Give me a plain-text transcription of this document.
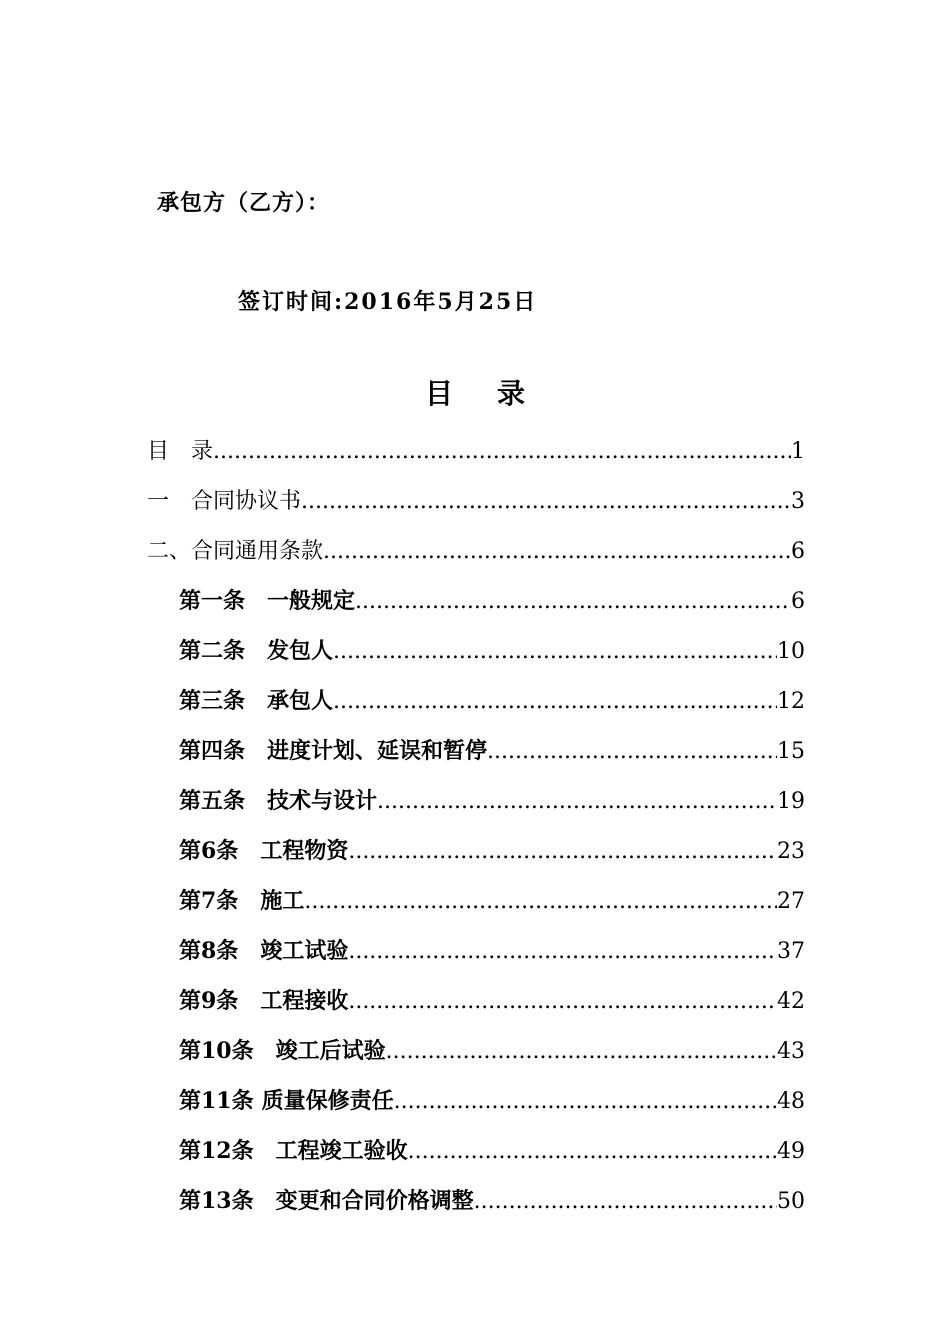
承包方（乙方）：
签订时间:2016年5月25日
目录
目 录 .....	1
一 合同协议书 .....	3
二、合同通用条款 .....	6
第一条 一般规定 .....	6
第二条 发包人 .....	10
第三条 承包人 .....	12
第四条 进度计划、延误和暂停 .....	15
第五条 技术与设计 .....	19
第6条 工程物资 .....	23
第7条 施工 .....	27
第8条 竣工试验 .....	37
第9条 工程接收 .....	42
第10条 竣工后试验 .....	43
第11条 质量保修责任 .....	48
第12条 工程竣工验收 .....	49
第13条 变更和合同价格调整 .....	50
